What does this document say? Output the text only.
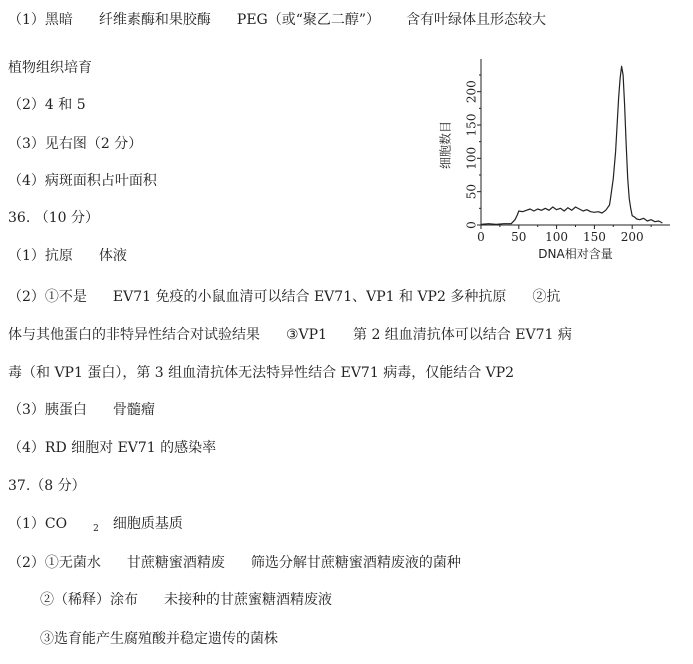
（1）黑暗 纤维素酶和果胶酶 PEG（或“聚乙二醇”） 含有叶绿体且形态较大
植物组织培育
（2）4 和 5
（3）见右图（2 分）
（4）病斑面积占叶面积
36. （10 分）
（1）抗原 体液
（2）①不是 EV71 免疫的小鼠血清可以结合 EV71、VP1 和 VP2 多种抗原 ②抗
体与其他蛋白的非特异性结合对试验结果 ③VP1 第 2 组血清抗体可以结合 EV71 病
毒（和 VP1 蛋白），第 3 组血清抗体无法特异性结合 EV71 病毒，仅能结合 VP2
（3）胰蛋白 骨髓瘤
（4）RD 细胞对 EV71 的感染率
37.（8 分）
（1）CO	$_2$ 细胞质基质
（2）①无菌水 甘蔗糖蜜酒精废 筛选分解甘蔗糖蜜酒精废液的菌种
②（稀释）涂布 未接种的甘蔗蜜糖酒精废液
③选育能产生腐殖酸并稳定遗传的菌株
0 50 100 150 200
0
50
100
150
200
DNA相对含量
细胞数目
